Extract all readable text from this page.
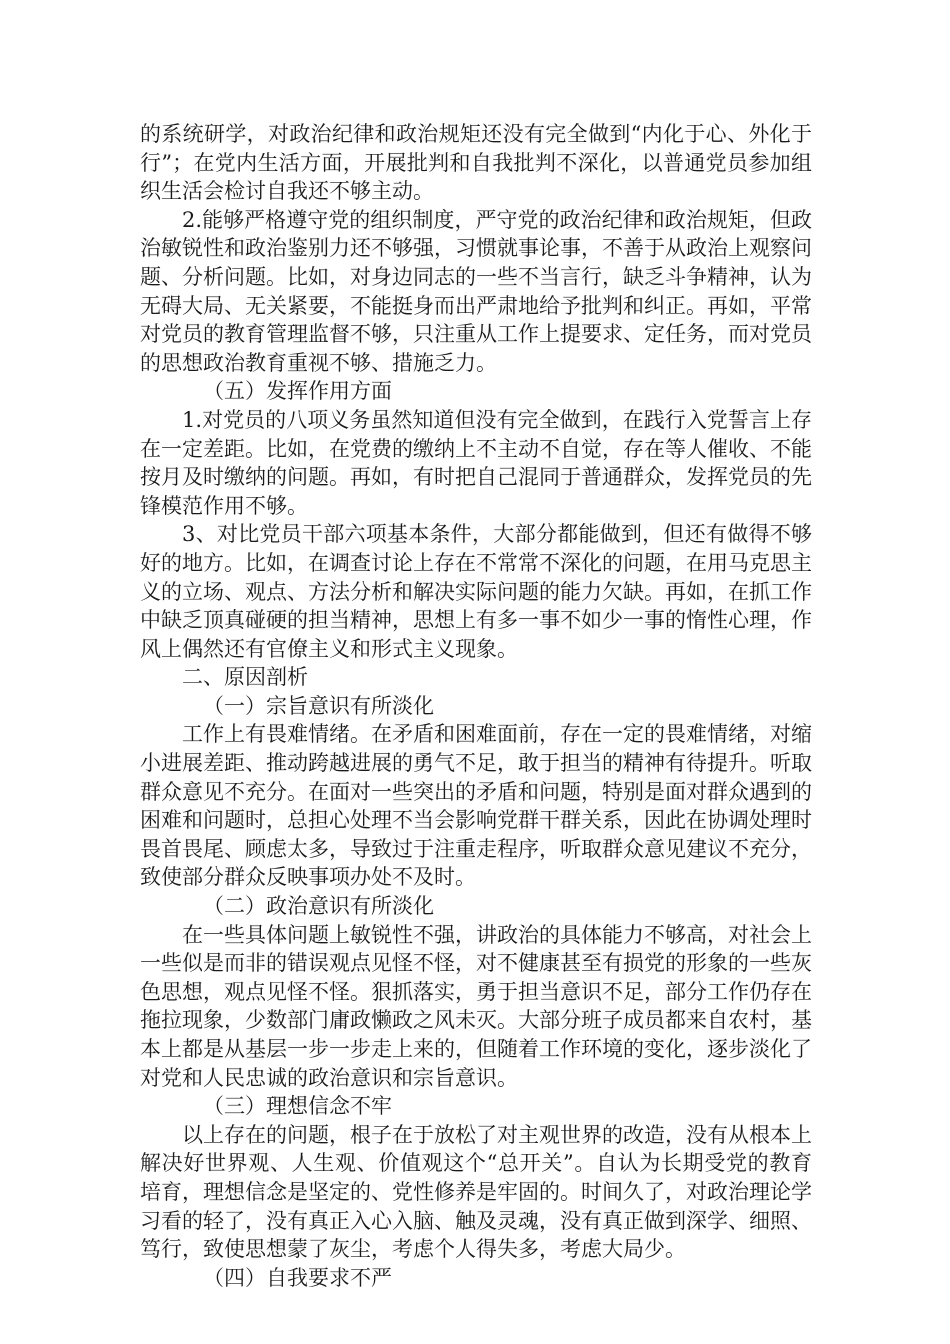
的系统研学，对政治纪律和政治规矩还没有完全做到“内化于心、外化于行”；在党内生活方面，开展批判和自我批判不深化，以普通党员参加组织生活会检讨自我还不够主动。

2.能够严格遵守党的组织制度，严守党的政治纪律和政治规矩，但政治敏锐性和政治鉴别力还不够强，习惯就事论事，不善于从政治上观察问题、分析问题。比如，对身边同志的一些不当言行，缺乏斗争精神，认为无碍大局、无关紧要，不能挺身而出严肃地给予批判和纠正。再如，平常对党员的教育管理监督不够，只注重从工作上提要求、定任务，而对党员的思想政治教育重视不够、措施乏力。

（五）发挥作用方面

1.对党员的八项义务虽然知道但没有完全做到，在践行入党誓言上存在一定差距。比如，在党费的缴纳上不主动不自觉，存在等人催收、不能按月及时缴纳的问题。再如，有时把自己混同于普通群众，发挥党员的先锋模范作用不够。

3、对比党员干部六项基本条件，大部分都能做到，但还有做得不够好的地方。比如，在调查讨论上存在不常常不深化的问题，在用马克思主义的立场、观点、方法分析和解决实际问题的能力欠缺。再如，在抓工作中缺乏顶真碰硬的担当精神，思想上有多一事不如少一事的惰性心理，作风上偶然还有官僚主义和形式主义现象。

二、原因剖析

（一）宗旨意识有所淡化

工作上有畏难情绪。在矛盾和困难面前，存在一定的畏难情绪，对缩小进展差距、推动跨越进展的勇气不足，敢于担当的精神有待提升。听取群众意见不充分。在面对一些突出的矛盾和问题，特别是面对群众遇到的困难和问题时，总担心处理不当会影响党群干群关系，因此在协调处理时畏首畏尾、顾虑太多，导致过于注重走程序，听取群众意见建议不充分，致使部分群众反映事项办处不及时。

（二）政治意识有所淡化

在一些具体问题上敏锐性不强，讲政治的具体能力不够高，对社会上一些似是而非的错误观点见怪不怪，对不健康甚至有损党的形象的一些灰色思想，观点见怪不怪。狠抓落实，勇于担当意识不足，部分工作仍存在拖拉现象，少数部门庸政懒政之风未灭。大部分班子成员都来自农村，基本上都是从基层一步一步走上来的，但随着工作环境的变化，逐步淡化了对党和人民忠诚的政治意识和宗旨意识。

（三）理想信念不牢

以上存在的问题，根子在于放松了对主观世界的改造，没有从根本上解决好世界观、人生观、价值观这个“总开关”。自认为长期受党的教育培育，理想信念是坚定的、党性修养是牢固的。时间久了，对政治理论学习看的轻了，没有真正入心入脑、触及灵魂，没有真正做到深学、细照、笃行，致使思想蒙了灰尘，考虑个人得失多，考虑大局少。

（四）自我要求不严
